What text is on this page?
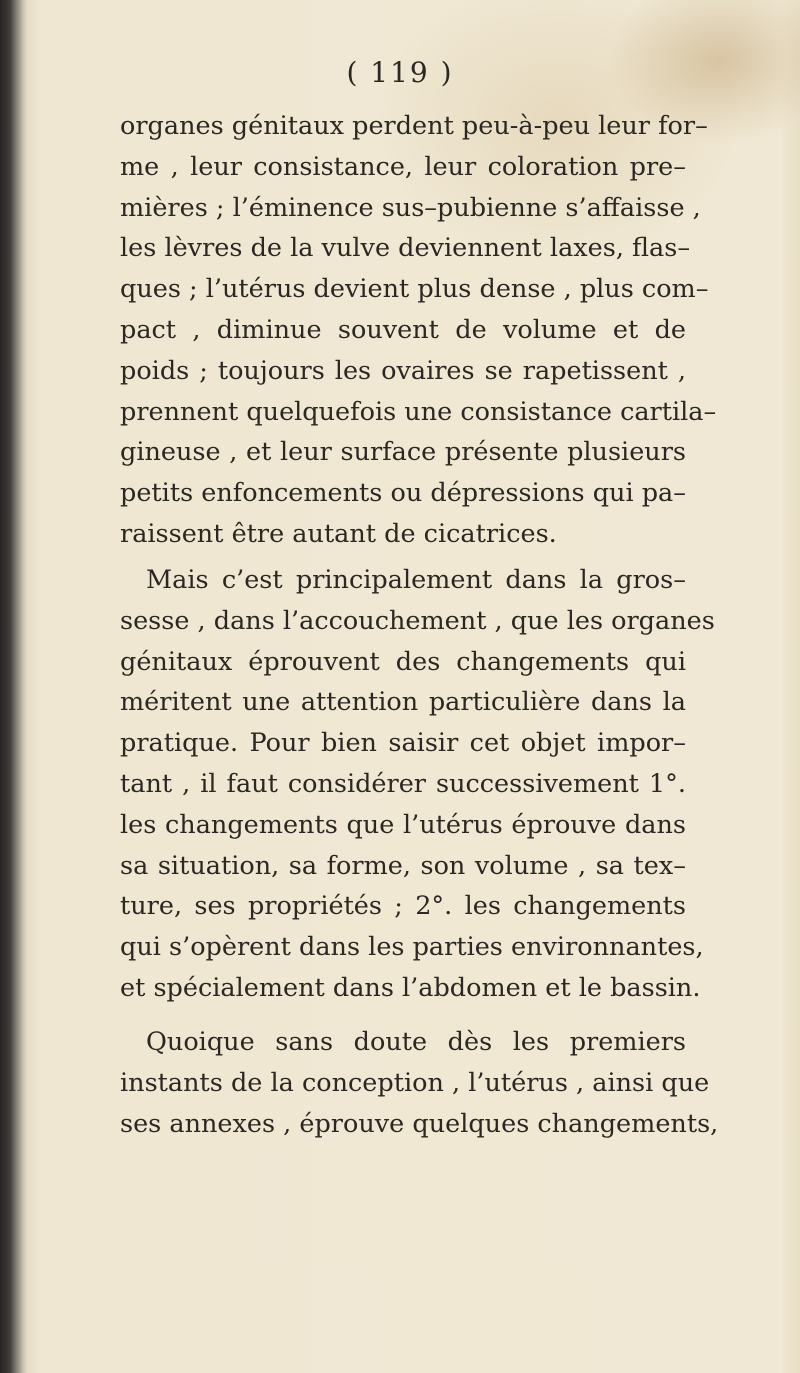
( 119 )
organes génitaux perdent peu-à-peu leur for–
me , leur consistance, leur coloration pre–
mières ; l’éminence sus–pubienne s’affaisse ,
les lèvres de la vulve deviennent laxes, flas–
ques ; l’utérus devient plus dense , plus com–
pact , diminue souvent de volume et de
poids ; toujours les ovaires se rapetissent ,
prennent quelquefois une consistance cartila–
gineuse , et leur surface présente plusieurs
petits enfoncements ou dépressions qui pa–
raissent être autant de cicatrices.
Mais c’est principalement dans la gros–
sesse , dans l’accouchement , que les organes
génitaux éprouvent des changements qui
méritent une attention particulière dans la
pratique. Pour bien saisir cet objet impor–
tant , il faut considérer successivement 1°.
les changements que l’utérus éprouve dans
sa situation, sa forme, son volume , sa tex–
ture, ses propriétés ; 2°. les changements
qui s’opèrent dans les parties environnantes,
et spécialement dans l’abdomen et le bassin.
Quoique sans doute dès les premiers
instants de la conception , l’utérus , ainsi que
ses annexes , éprouve quelques changements,
